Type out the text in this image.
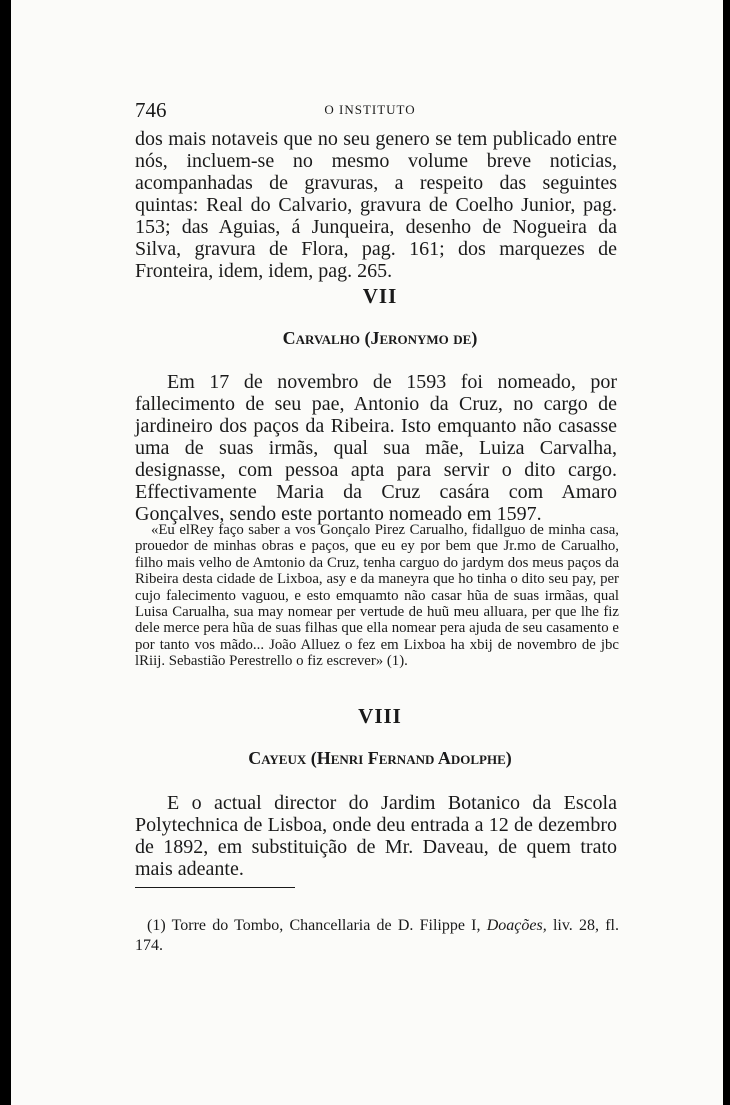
746	O INSTITUTO

dos mais notaveis que no seu genero se tem publicado entre nós, incluem-se no mesmo volume breve noticias, acompanhadas de gravuras, a respeito das seguintes quintas: Real do Calvario, gravura de Coelho Junior, pag. 153; das Aguias, á Junqueira, desenho de Nogueira da Silva, gravura de Flora, pag. 161; dos marquezes de Fronteira, idem, idem, pag. 265.

VII
Carvalho (Jeronymo de)

Em 17 de novembro de 1593 foi nomeado, por fallecimento de seu pae, Antonio da Cruz, no cargo de jardineiro dos paços da Ribeira. Isto emquanto não casasse uma de suas irmãs, qual sua mãe, Luiza Carvalha, designasse, com pessoa apta para servir o dito cargo. Effectivamente Maria da Cruz casára com Amaro Gonçalves, sendo este portanto nomeado em 1597.

«Eu elRey faço saber a vos Gonçalo Pirez Carualho, fidallguo de minha casa, prouedor de minhas obras e paços, que eu ey por bem que Jr.mo de Carualho, filho mais velho de Amtonio da Cruz, tenha carguo do jardym dos meus paços da Ribeira desta cidade de Lixboa, asy e da maneyra que ho tinha o dito seu pay, per cujo falecimento vaguou, e esto emquamto não casar hũa de suas irmãas, qual Luisa Carualha, sua may nomear per vertude de huũ meu alluara, per que lhe fiz dele merce pera hũa de suas filhas que ella nomear pera ajuda de seu casamento e por tanto vos mãdo... João Alluez o fez em Lixboa ha xbij de novembro de jbc lRiij. Sebastião Perestrello o fiz escrever» (1).

VIII
Cayeux (Henri Fernand Adolphe)

E o actual director do Jardim Botanico da Escola Polytechnica de Lisboa, onde deu entrada a 12 de dezembro de 1892, em substituição de Mr. Daveau, de quem trato mais adeante.

(1) Torre do Tombo, Chancellaria de D. Filippe I, Doações, liv. 28, fl. 174.
